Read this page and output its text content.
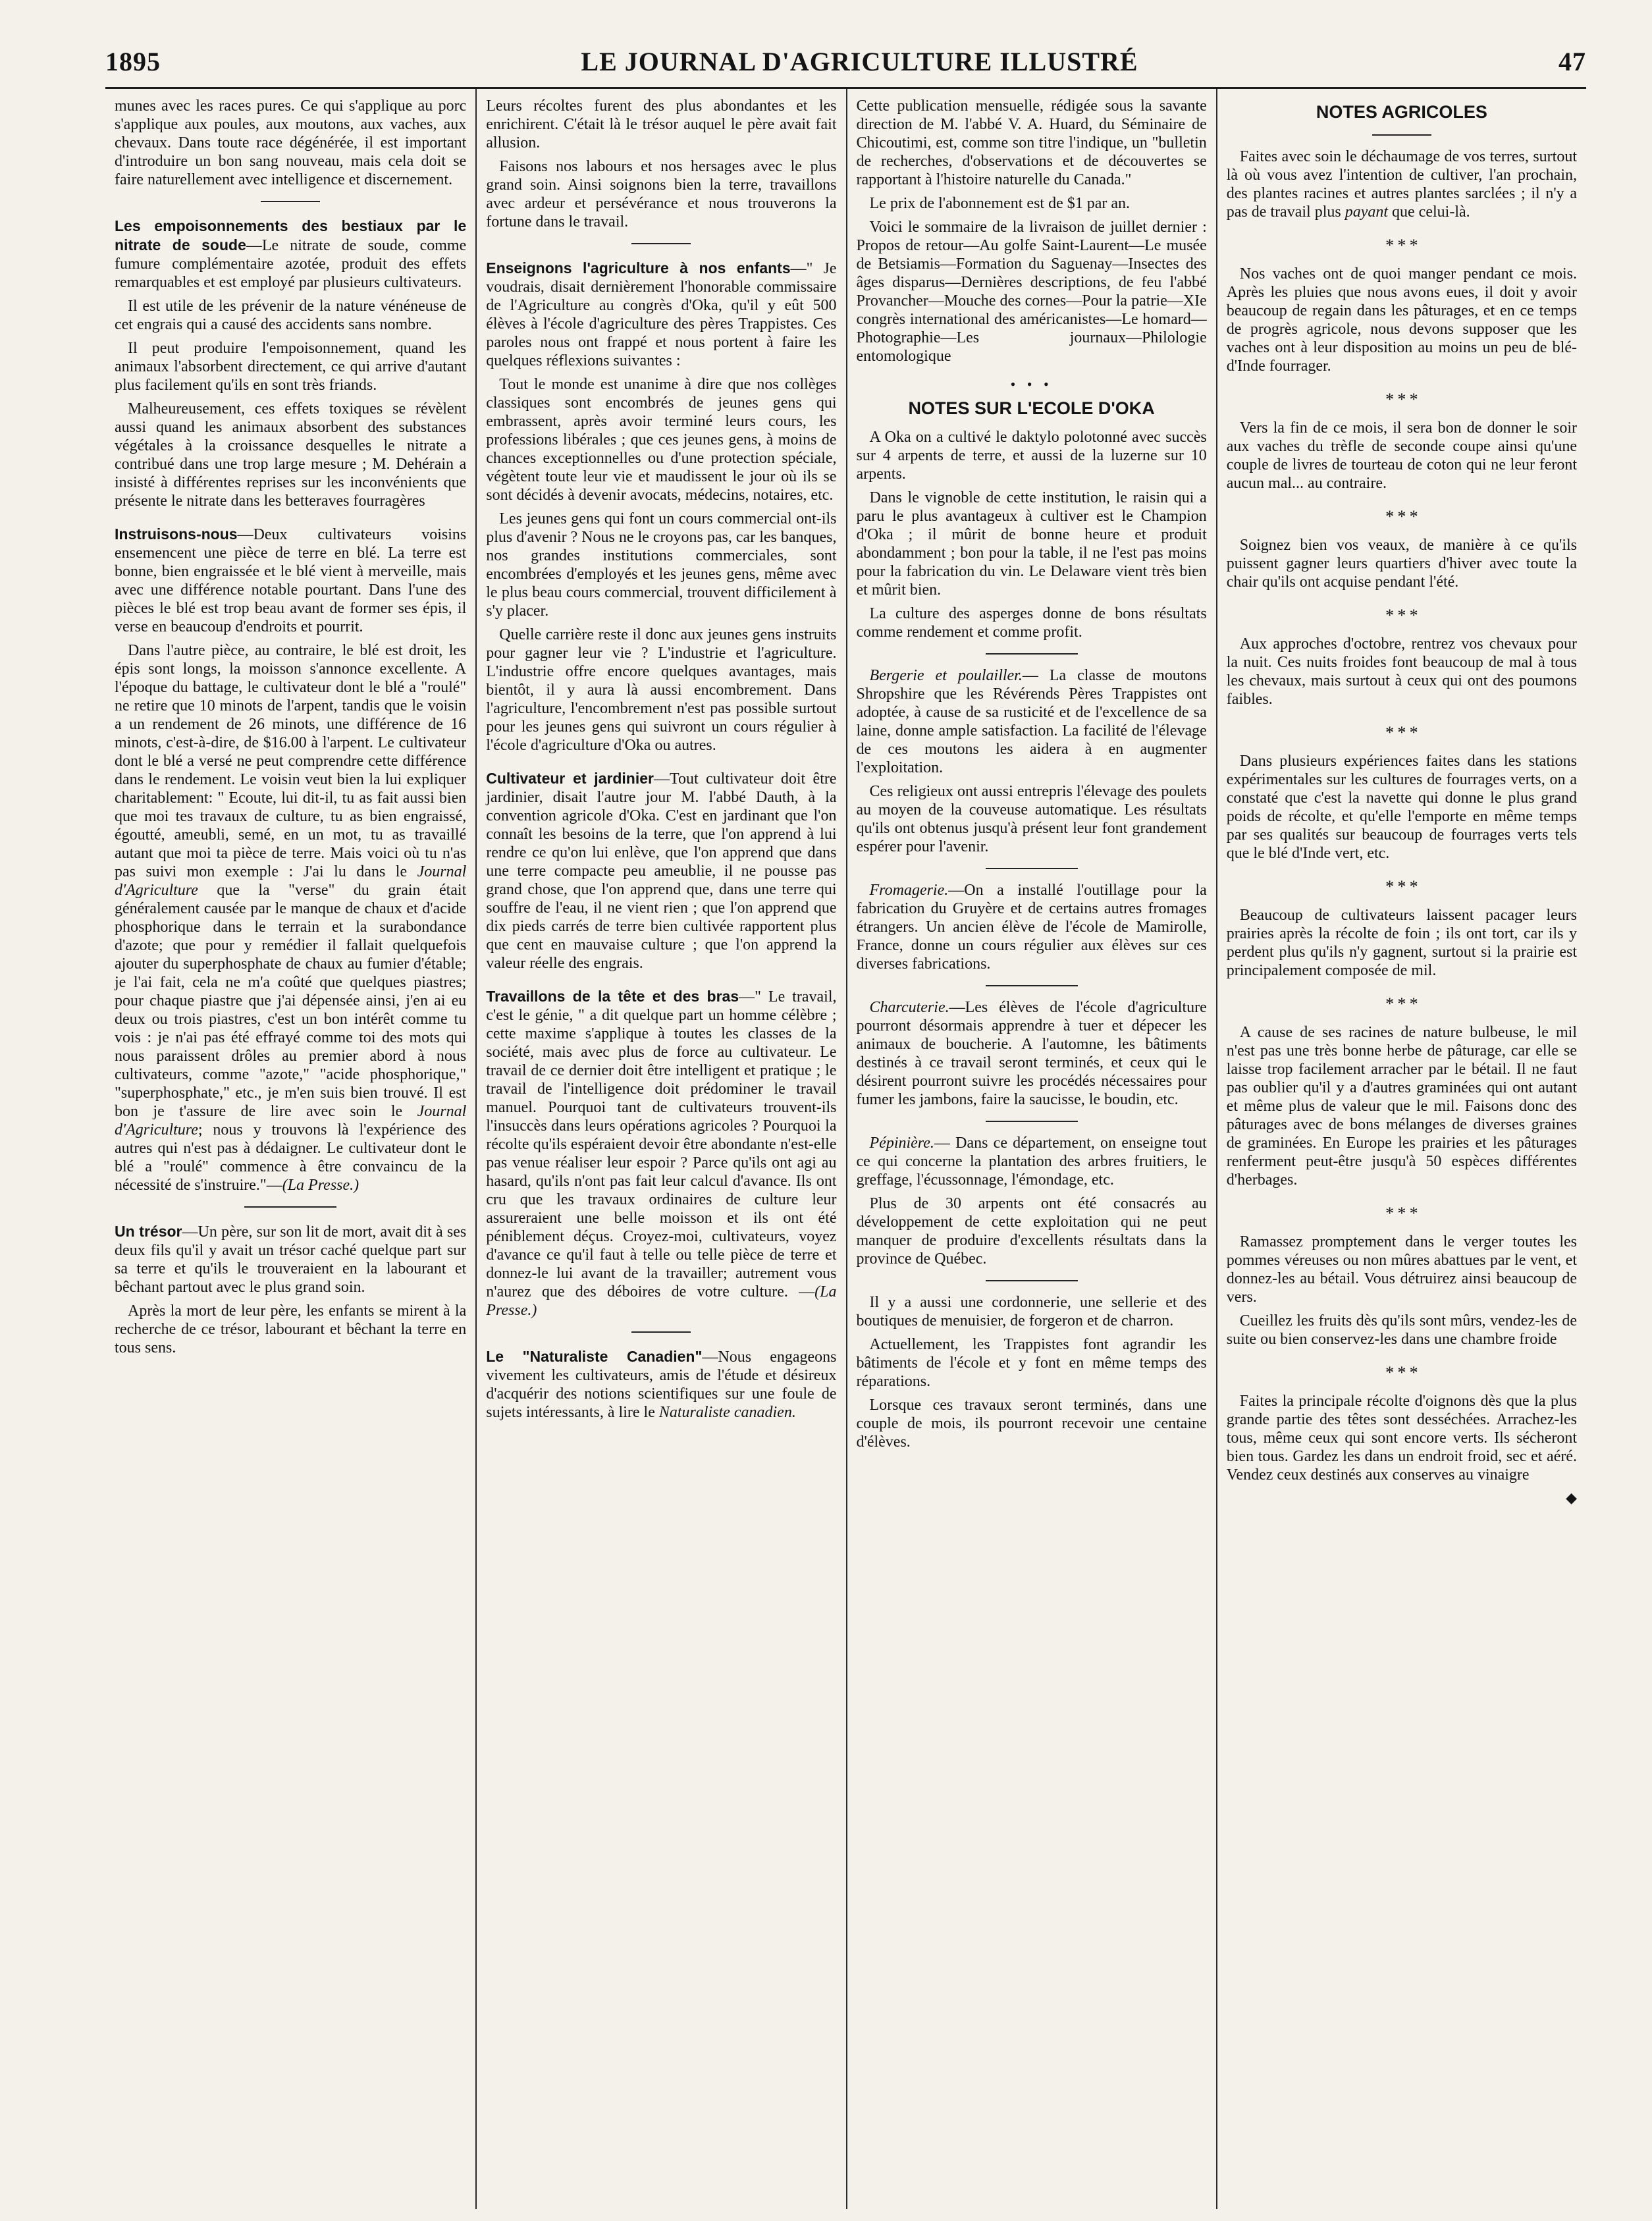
1895	LE JOURNAL D'AGRICULTURE ILLUSTRÉ	47

munes avec les races pures. Ce qui s'applique au porc s'applique aux poules, aux moutons, aux vaches, aux chevaux. Dans toute race dégénérée, il est important d'introduire un bon sang nouveau, mais cela doit se faire naturellement avec intelligence et discernement.

Les empoisonnements des bestiaux par le nitrate de soude—Le nitrate de soude, comme fumure complémentaire azotée, produit des effets remarquables et est employé par plusieurs cultivateurs.

Il est utile de les prévenir de la nature vénéneuse de cet engrais qui a causé des accidents sans nombre.

Il peut produire l'empoisonnement, quand les animaux l'absorbent directement, ce qui arrive d'autant plus facilement qu'ils en sont très friands.

Malheureusement, ces effets toxiques se révèlent aussi quand les animaux absorbent des substances végétales à la croissance desquelles le nitrate a contribué dans une trop large mesure ; M. Dehérain a insisté à différentes reprises sur les inconvénients que présente le nitrate dans les betteraves fourragères

Instruisons-nous—Deux cultivateurs voisins ensemencent une pièce de terre en blé. La terre est bonne, bien engraissée et le blé vient à merveille, mais avec une différence notable pourtant. Dans l'une des pièces le blé est trop beau avant de former ses épis, il verse en beaucoup d'endroits et pourrit.

Dans l'autre pièce, au contraire, le blé est droit, les épis sont longs, la moisson s'annonce excellente. A l'époque du battage, le cultivateur dont le blé a "roulé" ne retire que 10 minots de l'arpent, tandis que le voisin a un rendement de 26 minots, une différence de 16 minots, c'est-à-dire, de $16.00 à l'arpent. Le cultivateur dont le blé a versé ne peut comprendre cette différence dans le rendement. Le voisin veut bien la lui expliquer charitablement: " Ecoute, lui dit-il, tu as fait aussi bien que moi tes travaux de culture, tu as bien engraissé, égoutté, ameubli, semé, en un mot, tu as travaillé autant que moi ta pièce de terre. Mais voici où tu n'as pas suivi mon exemple : J'ai lu dans le Journal d'Agriculture que la "verse" du grain était généralement causée par le manque de chaux et d'acide phosphorique dans le terrain et la surabondance d'azote; que pour y remédier il fallait quelquefois ajouter du superphosphate de chaux au fumier d'étable; je l'ai fait, cela ne m'a coûté que quelques piastres; pour chaque piastre que j'ai dépensée ainsi, j'en ai eu deux ou trois piastres, c'est un bon intérêt comme tu vois : je n'ai pas été effrayé comme toi des mots qui nous paraissent drôles au premier abord à nous cultivateurs, comme "azote," "acide phosphorique," "superphosphate," etc., je m'en suis bien trouvé. Il est bon je t'assure de lire avec soin le Journal d'Agriculture; nous y trouvons là l'expérience des autres qui n'est pas à dédaigner. Le cultivateur dont le blé a "roulé" commence à être convaincu de la nécessité de s'instruire."—(La Presse.)

Un trésor—Un père, sur son lit de mort, avait dit à ses deux fils qu'il y avait un trésor caché quelque part sur sa terre et qu'ils le trouveraient en la labourant et bêchant partout avec le plus grand soin.

Après la mort de leur père, les enfants se mirent à la recherche de ce trésor, labourant et bêchant la terre en tous sens.

Leurs récoltes furent des plus abondantes et les enrichirent. C'était là le trésor auquel le père avait fait allusion.

Faisons nos labours et nos hersages avec le plus grand soin. Ainsi soignons bien la terre, travaillons avec ardeur et persévérance et nous trouverons la fortune dans le travail.

Enseignons l'agriculture à nos enfants—" Je voudrais, disait dernièrement l'honorable commissaire de l'Agriculture au congrès d'Oka, qu'il y eût 500 élèves à l'école d'agriculture des pères Trappistes. Ces paroles nous ont frappé et nous portent à faire les quelques réflexions suivantes :

Tout le monde est unanime à dire que nos collèges classiques sont encombrés de jeunes gens qui embrassent, après avoir terminé leurs cours, les professions libérales ; que ces jeunes gens, à moins de chances exceptionnelles ou d'une protection spéciale, végètent toute leur vie et maudissent le jour où ils se sont décidés à devenir avocats, médecins, notaires, etc.

Les jeunes gens qui font un cours commercial ont-ils plus d'avenir ? Nous ne le croyons pas, car les banques, nos grandes institutions commerciales, sont encombrées d'employés et les jeunes gens, même avec le plus beau cours commercial, trouvent difficilement à s'y placer.

Quelle carrière reste il donc aux jeunes gens instruits pour gagner leur vie ? L'industrie et l'agriculture. L'industrie offre encore quelques avantages, mais bientôt, il y aura là aussi encombrement. Dans l'agriculture, l'encombrement n'est pas possible surtout pour les jeunes gens qui suivront un cours régulier à l'école d'agriculture d'Oka ou autres.

Cultivateur et jardinier—Tout cultivateur doit être jardinier, disait l'autre jour M. l'abbé Dauth, à la convention agricole d'Oka. C'est en jardinant que l'on connaît les besoins de la terre, que l'on apprend à lui rendre ce qu'on lui enlève, que l'on apprend que dans une terre compacte peu ameublie, il ne pousse pas grand chose, que l'on apprend que, dans une terre qui souffre de l'eau, il ne vient rien ; que l'on apprend que dix pieds carrés de terre bien cultivée rapportent plus que cent en mauvaise culture ; que l'on apprend la valeur réelle des engrais.

Travaillons de la tête et des bras—" Le travail, c'est le génie, " a dit quelque part un homme célèbre ; cette maxime s'applique à toutes les classes de la société, mais avec plus de force au cultivateur. Le travail de ce dernier doit être intelligent et pratique ; le travail de l'intelligence doit prédominer le travail manuel. Pourquoi tant de cultivateurs trouvent-ils l'insuccès dans leurs opérations agricoles ? Pourquoi la récolte qu'ils espéraient devoir être abondante n'est-elle pas venue réaliser leur espoir ? Parce qu'ils ont agi au hasard, qu'ils n'ont pas fait leur calcul d'avance. Ils ont cru que les travaux ordinaires de culture leur assureraient une belle moisson et ils ont été péniblement déçus. Croyez-moi, cultivateurs, voyez d'avance ce qu'il faut à telle ou telle pièce de terre et donnez-le lui avant de la travailler; autrement vous n'aurez que des déboires de votre culture. —(La Presse.)

Le "Naturaliste Canadien"—Nous engageons vivement les cultivateurs, amis de l'étude et désireux d'acquérir des notions scientifiques sur une foule de sujets intéressants, à lire le Naturaliste canadien.

Cette publication mensuelle, rédigée sous la savante direction de M. l'abbé V. A. Huard, du Séminaire de Chicoutimi, est, comme son titre l'indique, un "bulletin de recherches, d'observations et de découvertes se rapportant à l'histoire naturelle du Canada."

Le prix de l'abonnement est de $1 par an.

Voici le sommaire de la livraison de juillet dernier : Propos de retour—Au golfe Saint-Laurent—Le musée de Betsiamis—Formation du Saguenay—Insectes des âges disparus—Dernières descriptions, de feu l'abbé Provancher—Mouche des cornes—Pour la patrie—XIe congrès international des américanistes—Le homard—Photographie—Les journaux—Philologie entomologique

• • •
NOTES SUR L'ECOLE D'OKA

A Oka on a cultivé le daktylo polotonné avec succès sur 4 arpents de terre, et aussi de la luzerne sur 10 arpents.

Dans le vignoble de cette institution, le raisin qui a paru le plus avantageux à cultiver est le Champion d'Oka ; il mûrit de bonne heure et produit abondamment ; bon pour la table, il ne l'est pas moins pour la fabrication du vin. Le Delaware vient très bien et mûrit bien.

La culture des asperges donne de bons résultats comme rendement et comme profit.

Bergerie et poulailler.— La classe de moutons Shropshire que les Révérends Pères Trappistes ont adoptée, à cause de sa rusticité et de l'excellence de sa laine, donne ample satisfaction. La facilité de l'élevage de ces moutons les aidera à en augmenter l'exploitation.

Ces religieux ont aussi entrepris l'élevage des poulets au moyen de la couveuse automatique. Les résultats qu'ils ont obtenus jusqu'à présent leur font grandement espérer pour l'avenir.

Fromagerie.—On a installé l'outillage pour la fabrication du Gruyère et de certains autres fromages étrangers. Un ancien élève de l'école de Mamirolle, France, donne un cours régulier aux élèves sur ces diverses fabrications.

Charcuterie.—Les élèves de l'école d'agriculture pourront désormais apprendre à tuer et dépecer les animaux de boucherie. A l'automne, les bâtiments destinés à ce travail seront terminés, et ceux qui le désirent pourront suivre les procédés nécessaires pour fumer les jambons, faire la saucisse, le boudin, etc.

Pépinière.— Dans ce département, on enseigne tout ce qui concerne la plantation des arbres fruitiers, le greffage, l'écussonnage, l'émondage, etc.

Plus de 30 arpents ont été consacrés au développement de cette exploitation qui ne peut manquer de produire d'excellents résultats dans la province de Québec.

Il y a aussi une cordonnerie, une sellerie et des boutiques de menuisier, de forgeron et de charron.

Actuellement, les Trappistes font agrandir les bâtiments de l'école et y font en même temps des réparations.

Lorsque ces travaux seront terminés, dans une couple de mois, ils pourront recevoir une centaine d'élèves.

NOTES AGRICOLES

Faites avec soin le déchaumage de vos terres, surtout là où vous avez l'intention de cultiver, l'an prochain, des plantes racines et autres plantes sarclées ; il n'y a pas de travail plus payant que celui-là.

* * *

Nos vaches ont de quoi manger pendant ce mois. Après les pluies que nous avons eues, il doit y avoir beaucoup de regain dans les pâturages, et en ce temps de progrès agricole, nous devons supposer que les vaches ont à leur disposition au moins un peu de blé-d'Inde fourrager.

* * *

Vers la fin de ce mois, il sera bon de donner le soir aux vaches du trèfle de seconde coupe ainsi qu'une couple de livres de tourteau de coton qui ne leur feront aucun mal... au contraire.

* * *

Soignez bien vos veaux, de manière à ce qu'ils puissent gagner leurs quartiers d'hiver avec toute la chair qu'ils ont acquise pendant l'été.

* * *

Aux approches d'octobre, rentrez vos chevaux pour la nuit. Ces nuits froides font beaucoup de mal à tous les chevaux, mais surtout à ceux qui ont des poumons faibles.

* * *

Dans plusieurs expériences faites dans les stations expérimentales sur les cultures de fourrages verts, on a constaté que c'est la navette qui donne le plus grand poids de récolte, et qu'elle l'emporte en même temps par ses qualités sur beaucoup de fourrages verts tels que le blé d'Inde vert, etc.

* * *

Beaucoup de cultivateurs laissent pacager leurs prairies après la récolte de foin ; ils ont tort, car ils y perdent plus qu'ils n'y gagnent, surtout si la prairie est principalement composée de mil.

* * *

A cause de ses racines de nature bulbeuse, le mil n'est pas une très bonne herbe de pâturage, car elle se laisse trop facilement arracher par le bétail. Il ne faut pas oublier qu'il y a d'autres graminées qui ont autant et même plus de valeur que le mil. Faisons donc des pâturages avec de bons mélanges de diverses graines de graminées. En Europe les prairies et les pâturages renferment peut-être jusqu'à 50 espèces différentes d'herbages.

* * *

Ramassez promptement dans le verger toutes les pommes véreuses ou non mûres abattues par le vent, et donnez-les au bétail. Vous détruirez ainsi beaucoup de vers.

Cueillez les fruits dès qu'ils sont mûrs, vendez-les de suite ou bien conservez-les dans une chambre froide

* * *

Faites la principale récolte d'oignons dès que la plus grande partie des têtes sont desséchées. Arrachez-les tous, même ceux qui sont encore verts. Ils sécheront bien tous. Gardez les dans un endroit froid, sec et aéré. Vendez ceux destinés aux conserves au vinaigre

◆
